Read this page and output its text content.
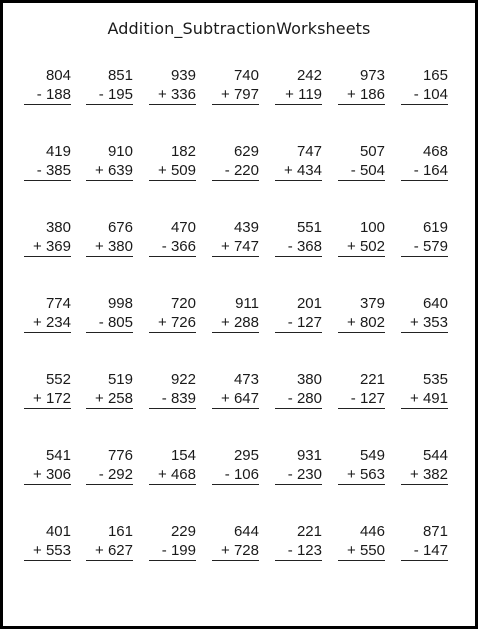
Addition_SubtractionWorksheets
804
- 188
851
- 195
939
+ 336
740
+ 797
242
+ 119
973
+ 186
165
- 104
419
- 385
910
+ 639
182
+ 509
629
- 220
747
+ 434
507
- 504
468
- 164
380
+ 369
676
+ 380
470
- 366
439
+ 747
551
- 368
100
+ 502
619
- 579
774
+ 234
998
- 805
720
+ 726
911
+ 288
201
- 127
379
+ 802
640
+ 353
552
+ 172
519
+ 258
922
- 839
473
+ 647
380
- 280
221
- 127
535
+ 491
541
+ 306
776
- 292
154
+ 468
295
- 106
931
- 230
549
+ 563
544
+ 382
401
+ 553
161
+ 627
229
- 199
644
+ 728
221
- 123
446
+ 550
871
- 147
